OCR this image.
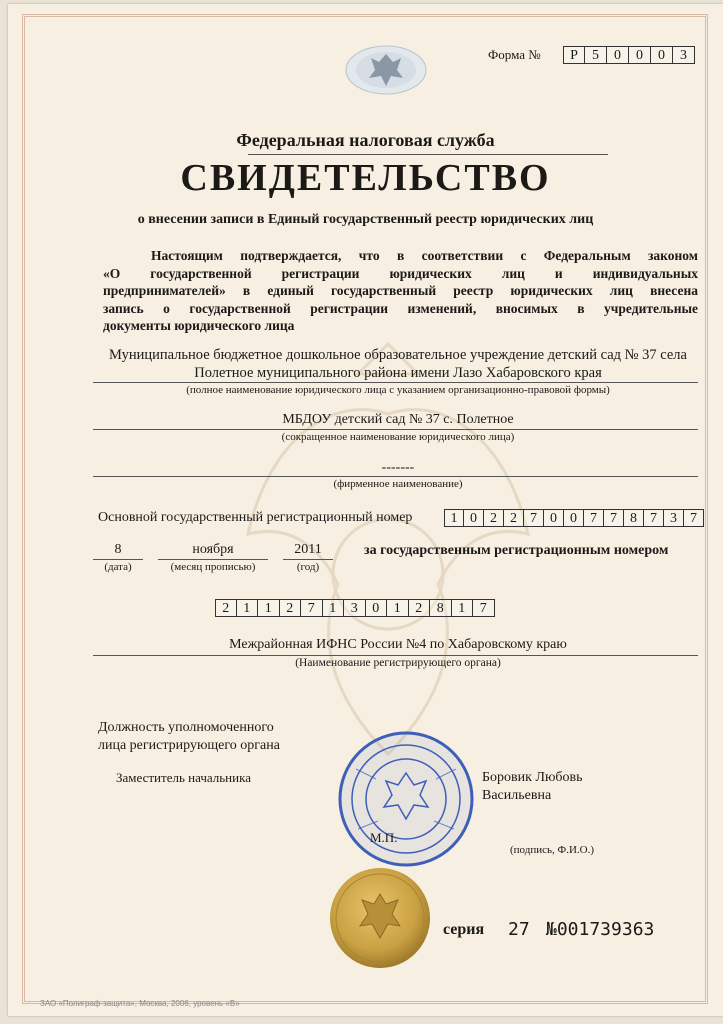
Форма №	Р	5	0	0	0	3
Федеральная налоговая служба
СВИДЕТЕЛЬСТВО
о внесении записи в Единый государственный реестр юридических лиц
Настоящим подтверждается, что в соответствии с Федеральным законом
«О государственной регистрации юридических лиц и индивидуальных
предпринимателей» в единый государственный реестр юридических лиц внесена
запись о государственной регистрации изменений, вносимых в учредительные
документы юридического лица
Муниципальное бюджетное дошкольное образовательное учреждение детский сад № 37 села
Полетное муниципального района имени Лазо Хабаровского края
(полное наименование юридического лица с указанием организационно-правовой формы)
МБДОУ детский сад № 37 с. Полетное
(сокращенное наименование юридического лица)
-------
(фирменное наименование)
Основной государственный регистрационный номер	1 0 2 2 7 0 0 7 7 8 7 3 7
8
(дата)
ноября
(месяц прописью)
2011
(год)
за государственным регистрационным номером
2	1	1	2	7	1	3	0	1	2	8	1	7
Межрайонная ИФНС России №4 по Хабаровскому краю
(Наименование регистрирующего органа)
Должность уполномоченного
лица регистрирующего органа
Заместитель начальника	Боровик Любовь
Васильевна
М.П.
(подпись, Ф.И.О.)
серия 27 №001739363
ЗАО «Полиграф-защита», Москва, 2006, уровень «В»
